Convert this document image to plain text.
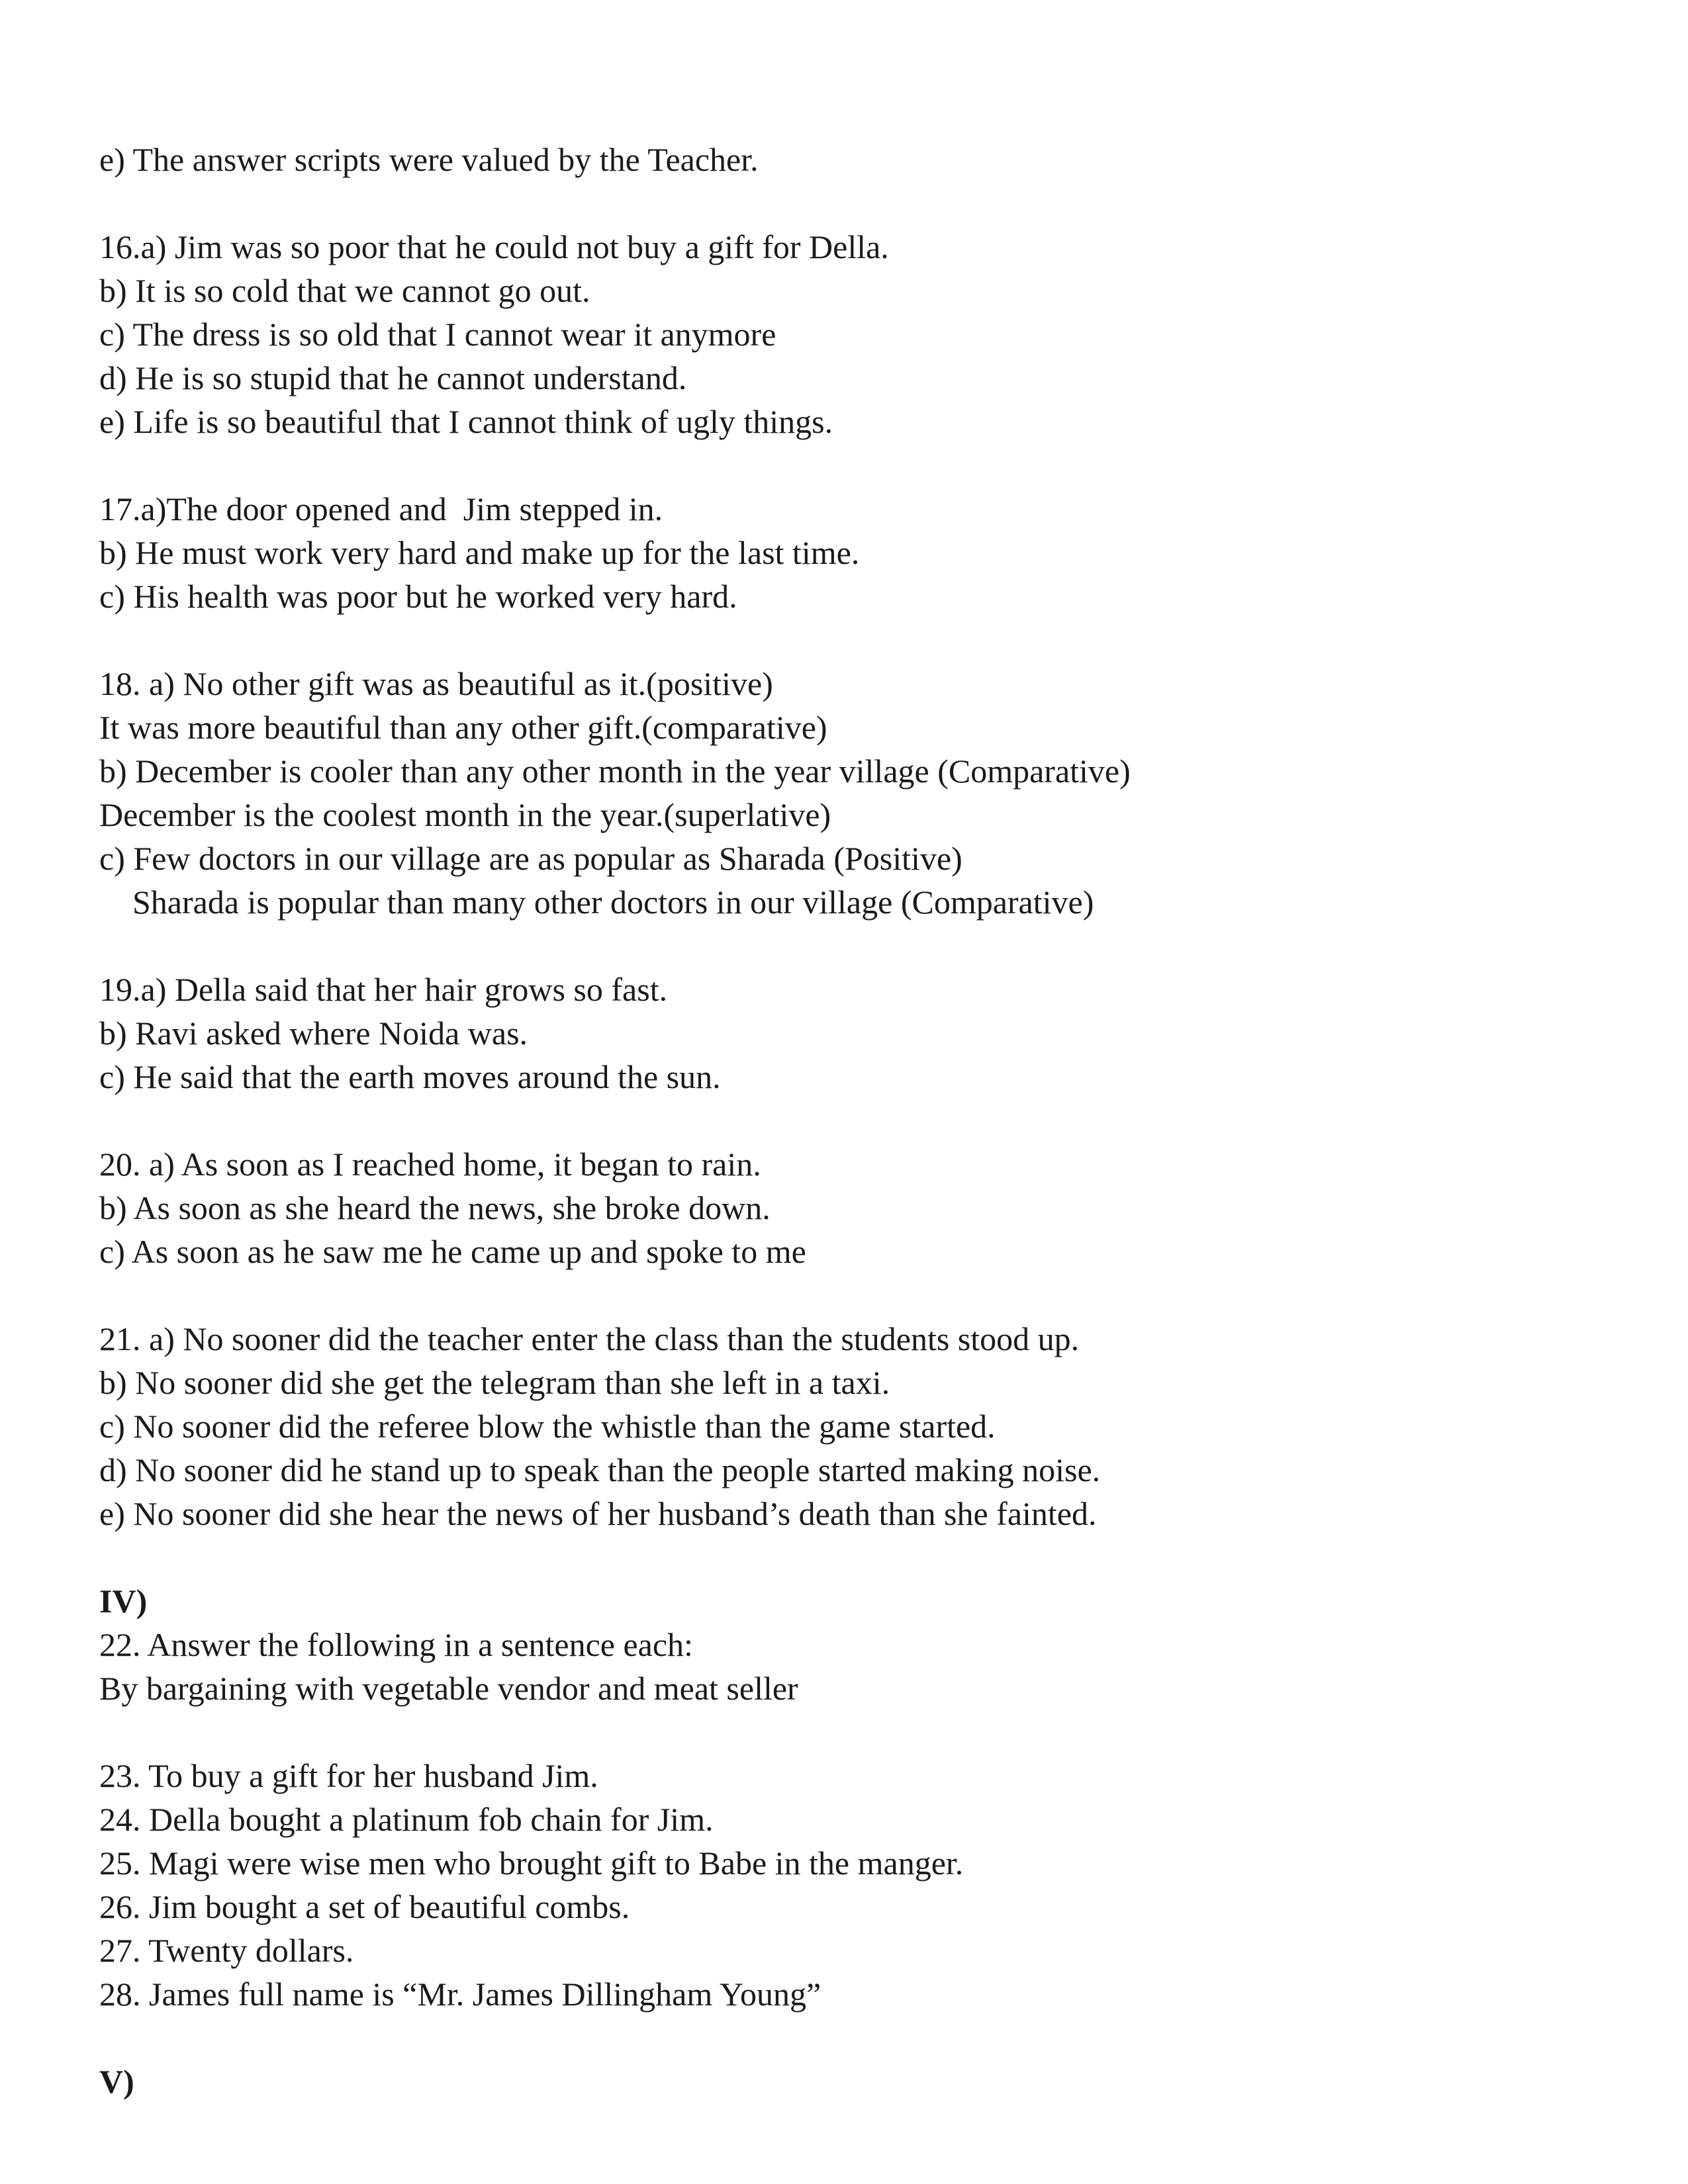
e) The answer scripts were valued by the Teacher.
16.a) Jim was so poor that he could not buy a gift for Della.
b) It is so cold that we cannot go out.
c) The dress is so old that I cannot wear it anymore
d) He is so stupid that he cannot understand.
e) Life is so beautiful that I cannot think of ugly things.
17.a)The door opened and  Jim stepped in.
b) He must work very hard and make up for the last time.
c) His health was poor but he worked very hard.
18. a) No other gift was as beautiful as it.(positive)
It was more beautiful than any other gift.(comparative)
b) December is cooler than any other month in the year village (Comparative)
December is the coolest month in the year.(superlative)
c) Few doctors in our village are as popular as Sharada (Positive)
Sharada is popular than many other doctors in our village (Comparative)
19.a) Della said that her hair grows so fast.
b) Ravi asked where Noida was.
c) He said that the earth moves around the sun.
20. a) As soon as I reached home, it began to rain.
b) As soon as she heard the news, she broke down.
c) As soon as he saw me he came up and spoke to me
21. a) No sooner did the teacher enter the class than the students stood up.
b) No sooner did she get the telegram than she left in a taxi.
c) No sooner did the referee blow the whistle than the game started.
d) No sooner did he stand up to speak than the people started making noise.
e) No sooner did she hear the news of her husband’s death than she fainted.
IV)
22. Answer the following in a sentence each:
By bargaining with vegetable vendor and meat seller
23. To buy a gift for her husband Jim.
24. Della bought a platinum fob chain for Jim.
25. Magi were wise men who brought gift to Babe in the manger.
26. Jim bought a set of beautiful combs.
27. Twenty dollars.
28. James full name is “Mr. James Dillingham Young”
V)
